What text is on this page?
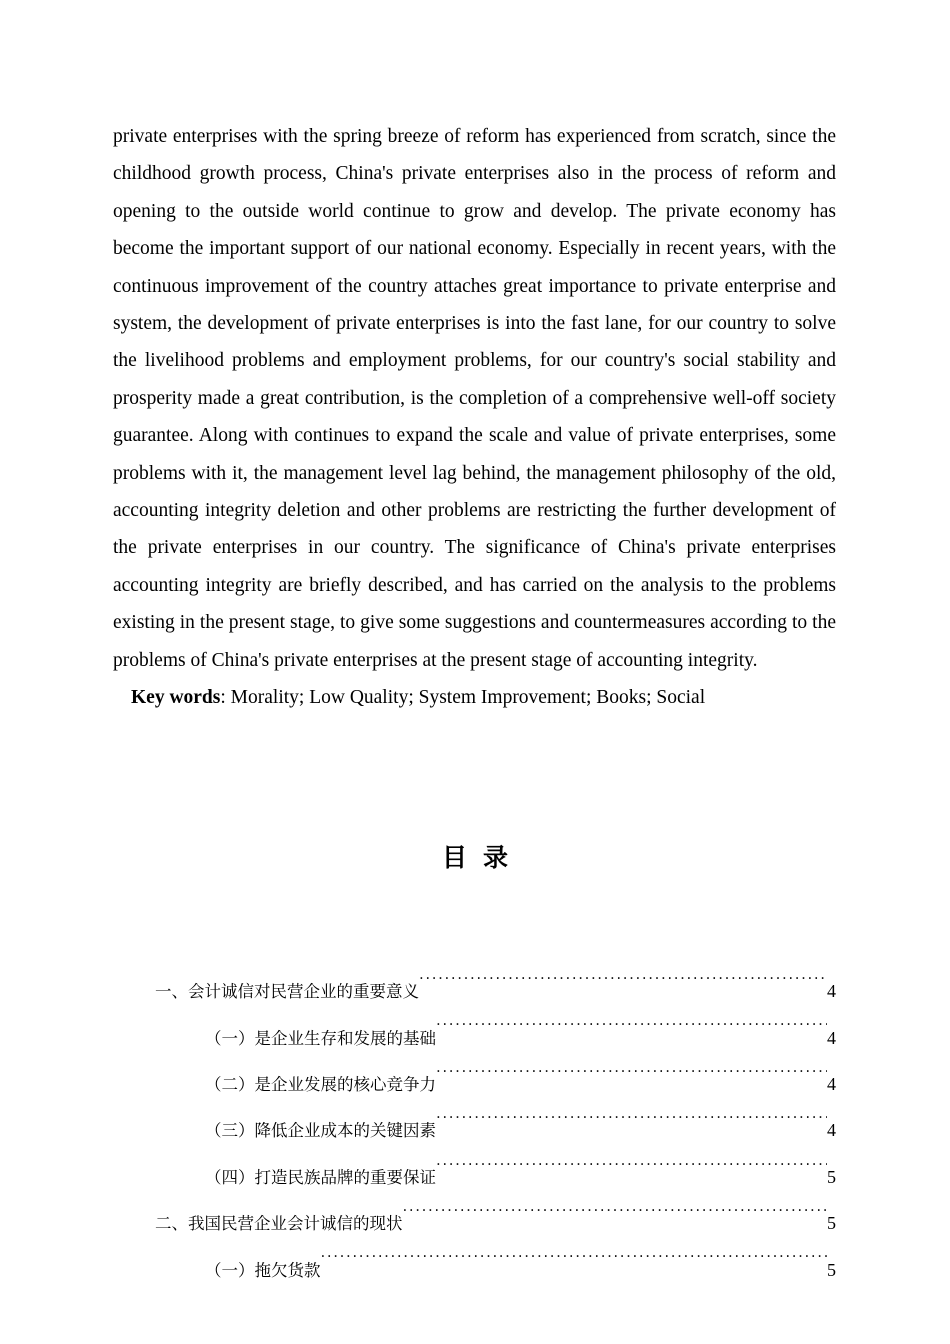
private enterprises with the spring breeze of reform has experienced from scratch, since the childhood growth process, China's private enterprises also in the process of reform and opening to the outside world continue to grow and develop. The private economy has become the important support of our national economy. Especially in recent years, with the continuous improvement of the country attaches great importance to private enterprise and system, the development of private enterprises is into the fast lane, for our country to solve the livelihood problems and employment problems, for our country's social stability and prosperity made a great contribution, is the completion of a comprehensive well-off society guarantee. Along with continues to expand the scale and value of private enterprises, some problems with it, the management level lag behind, the management philosophy of the old, accounting integrity deletion and other problems are restricting the further development of the private enterprises in our country. The significance of China's private enterprises accounting integrity are briefly described, and has carried on the analysis to the problems existing in the present stage, to give some suggestions and countermeasures according to the problems of China's private enterprises at the present stage of accounting integrity.

Key words: Morality; Low Quality; System Improvement; Books; Social

目 录
一、会计诚信对民营企业的重要意义 .....	4
（一）是企业生存和发展的基础 .....	4
（二）是企业发展的核心竞争力 .....	4
（三）降低企业成本的关键因素 .....	4
（四）打造民族品牌的重要保证 .....	5
二、我国民营企业会计诚信的现状 .....	5
（一）拖欠货款 .....	5
